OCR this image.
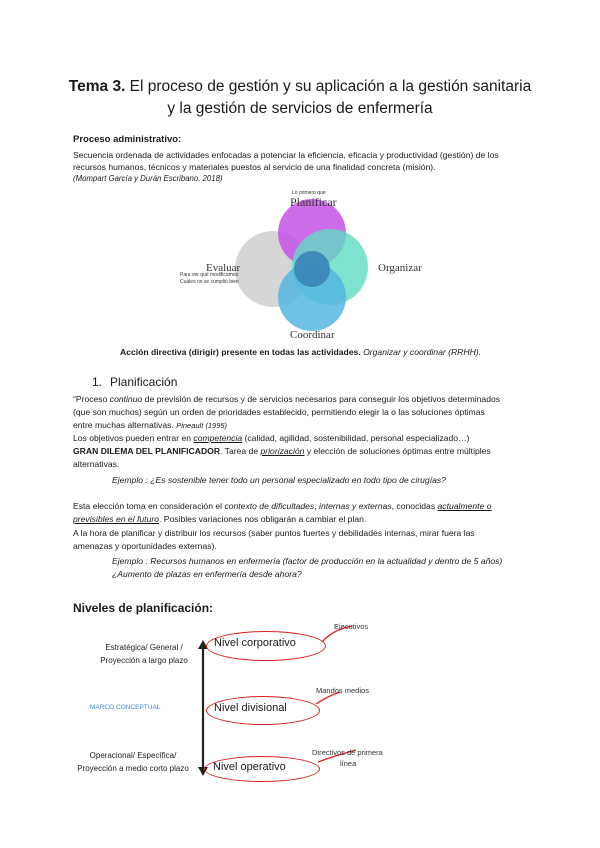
Tema 3. El proceso de gestión y su aplicación a la gestión sanitaria
y la gestión de servicios de enfermería
Proceso administrativo:
Secuencia ordenada de actividades enfocadas a potenciar la eficiencia, eficacia y productividad (gestión) de los
recursos humanos, técnicos y materiales puestos al servicio de una finalidad concreta (misión).
(Mompart García y Durán Escribano, 2018)
Lo primero que
Planificar
Organizar
Evaluar
Para ver qué modificamos
Cuáles no se cumplió bien
Coordinar
Acción directiva (dirigir) presente en todas las actividades. Organizar y coordinar (RRHH).
1. Planificación
“Proceso continuo de previsión de recursos y de servicios necesarios para conseguir los objetivos determinados
(que son muchos) según un orden de prioridades establecido, permitiendo elegir la o las soluciones óptimas
entre muchas alternativas. Pineault (1995)
Los objetivos pueden entrar en competencia (calidad, agilidad, sostenibilidad, personal especializado…)
GRAN DILEMA DEL PLANIFICADOR. Tarea de priorización y elección de soluciones óptimas entre múltiples
alternativas.
Ejemplo : ¿Es sostenible tener todo un personal especializado en todo tipo de cirugías?
Esta elección toma en consideración el contexto de dificultades, internas y externas, conocidas actualmente o
previsibles en el futuro. Posibles variaciones nos obligarán a cambiar el plan.
A la hora de planificar y distribuir los recursos (saber puntos fuertes y debilidades internas, mirar fuera las
amenazas y oportunidades externas).
Ejemplo : Recursos humanos en enfermería (factor de producción en la actualidad y dentro de 5 años)
¿Aumento de plazas en enfermería desde ahora?
Niveles de planificación:
Estratégica/ General /
Proyección a largo plazo
MARCO CONCEPTUAL
Operacional/ Específica/
Proyección a medio corto plazo
Nivel corporativo
Nivel divisional
Nivel operativo
Ejecutivos
Mandos medios
Directivos de primera
línea
